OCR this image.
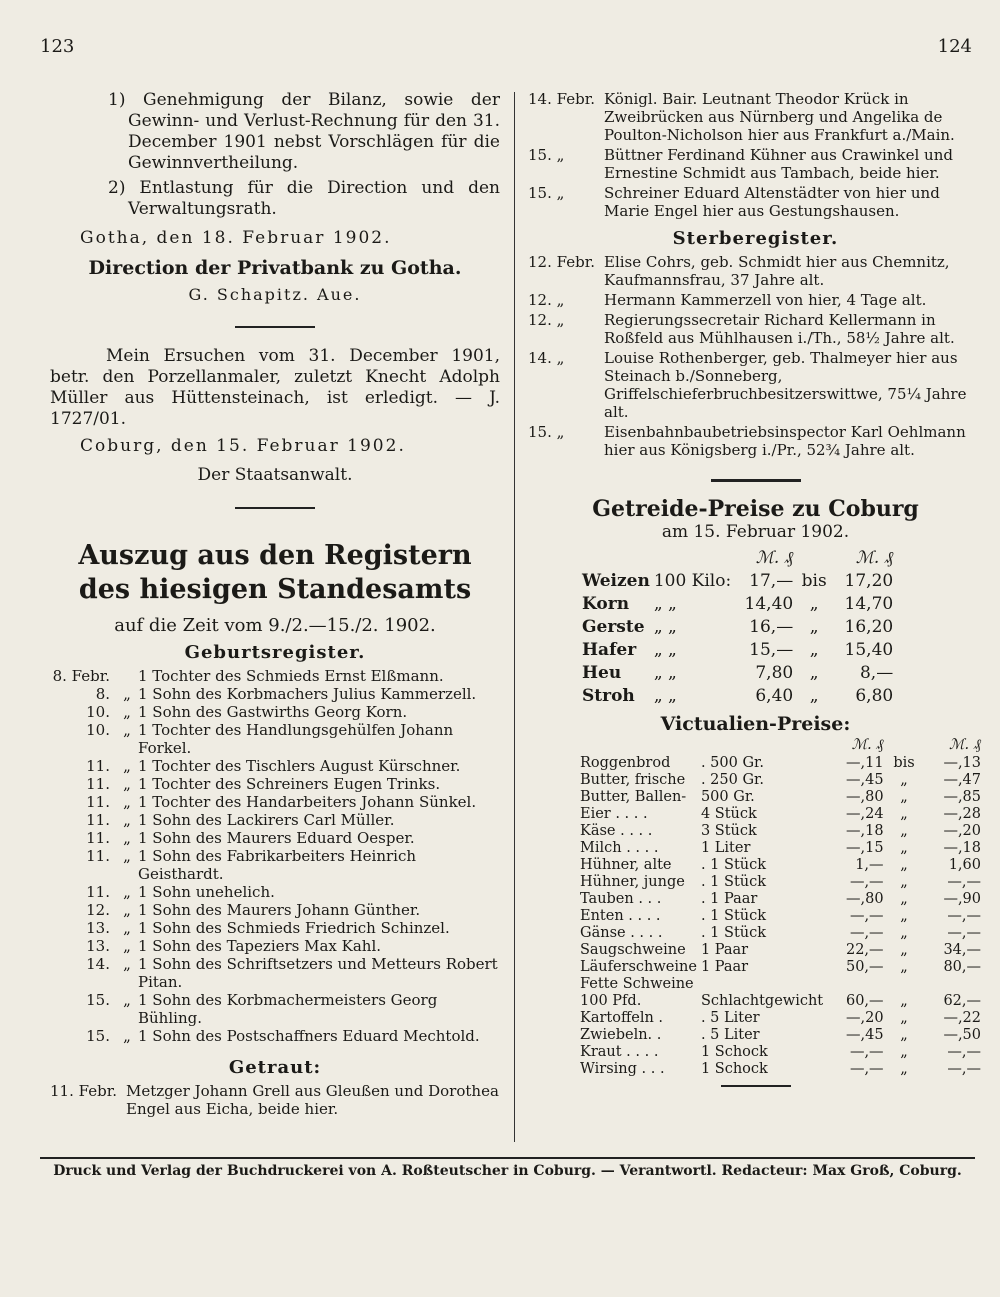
123	124
1) Genehmigung der Bilanz, sowie der Gewinn- und Verlust-Rechnung für den 31. December 1901 nebst Vorschlägen für die Gewinnvertheilung.
2) Entlastung für die Direction und den Verwaltungsrath.
Gotha, den 18. Februar 1902.
Direction der Privatbank zu Gotha.
G. Schapitz. Aue.
Mein Ersuchen vom 31. December 1901, betr. den Porzellanmaler, zuletzt Knecht Adolph Müller aus Hüttensteinach, ist erledigt. — J. 1727/01.
Coburg, den 15. Februar 1902.
Der Staatsanwalt.
Auszug aus den Registern des hiesigen Standesamts
auf die Zeit vom 9./2.—15./2. 1902.
Geburtsregister.
8. Febr.	1 Tochter des Schmieds Ernst Elßmann.
8. „ 1 Sohn des Korbmachers Julius Kammerzell.
10. „ 1 Sohn des Gastwirths Georg Korn.
10. „ 1 Tochter des Handlungsgehülfen Johann Forkel.
11. „ 1 Tochter des Tischlers August Kürschner.
11. „ 1 Tochter des Schreiners Eugen Trinks.
11. „ 1 Tochter des Handarbeiters Johann Sünkel.
11. „ 1 Sohn des Lackirers Carl Müller.
11. „ 1 Sohn des Maurers Eduard Oesper.
11. „ 1 Sohn des Fabrikarbeiters Heinrich Geisthardt.
11. „ 1 Sohn unehelich.
12. „ 1 Sohn des Maurers Johann Günther.
13. „ 1 Sohn des Schmieds Friedrich Schinzel.
13. „ 1 Sohn des Tapeziers Max Kahl.
14. „ 1 Sohn des Schriftsetzers und Metteurs Robert Pitan.
15. „ 1 Sohn des Korbmachermeisters Georg Bühling.
15. „ 1 Sohn des Postschaffners Eduard Mechtold.
Getraut:
11. Febr. Metzger Johann Grell aus Gleußen und Dorothea Engel aus Eicha, beide hier.
14. Febr. Königl. Bair. Leutnant Theodor Krück in Zweibrücken aus Nürnberg und Angelika de Poulton-Nicholson hier aus Frankfurt a./Main.
15. „	Büttner Ferdinand Kühner aus Crawinkel und Ernestine Schmidt aus Tambach, beide hier.
15. „	Schreiner Eduard Altenstädter von hier und Marie Engel hier aus Gestungshausen.
Sterberegister.
12. Febr. Elise Cohrs, geb. Schmidt hier aus Chemnitz, Kaufmannsfrau, 37 Jahre alt.
12. „	Hermann Kammerzell von hier, 4 Tage alt.
12. „	Regierungssecretair Richard Kellermann in Roßfeld aus Mühlhausen i./Th., 58½ Jahre alt.
14. „	Louise Rothenberger, geb. Thalmeyer hier aus Steinach b./Sonneberg, Griffelschieferbruchbesitzerswittwe, 75¼ Jahre alt.
15. „	Eisenbahnbaubetriebsinspector Karl Oehlmann hier aus Königsberg i./Pr., 52¾ Jahre alt.
Getreide-Preise zu Coburg
am 15. Februar 1902.
		ℳ. ₰		ℳ. ₰
Weizen	100 Kilo:	17,—	bis	17,20
Korn	„ „	14,40	„	14,70
Gerste	„ „	16,—	„	16,20
Hafer	„ „	15,—	„	15,40
Heu	„ „	7,80	„	8,—
Stroh	„ „	6,40	„	6,80
Victualien-Preise:
		ℳ. ₰		ℳ. ₰
Roggenbrod	. 500 Gr.	—,11	bis	—,13
Butter, frische	. 250 Gr.	—,45	„	—,47
Butter, Ballen-	500 Gr.	—,80	„	—,85
Eier . . . .	4 Stück	—,24	„	—,28
Käse . . . .	3 Stück	—,18	„	—,20
Milch . . . .	1 Liter	—,15	„	—,18
Hühner, alte	. 1 Stück	1,—	„	1,60
Hühner, junge	. 1 Stück	—,—	„	—,—
Tauben . . .	. 1 Paar	—,80	„	—,90
Enten . . . .	. 1 Stück	—,—	„	—,—
Gänse . . . .	. 1 Stück	—,—	„	—,—
Saugschweine	1 Paar	22,—	„	34,—
Läuferschweine	1 Paar	50,—	„	80,—
Fette Schweine				
100 Pfd.	Schlachtgewicht	60,—	„	62,—
Kartoffeln .	. 5 Liter	—,20	„	—,22
Zwiebeln. .	. 5 Liter	—,45	„	—,50
Kraut . . . .	1 Schock	—,—	„	—,—
Wirsing . . .	1 Schock	—,—	„	—,—
Druck und Verlag der Buchdruckerei von A. Roßteutscher in Coburg. — Verantwortl. Redacteur: Max Groß, Coburg.
